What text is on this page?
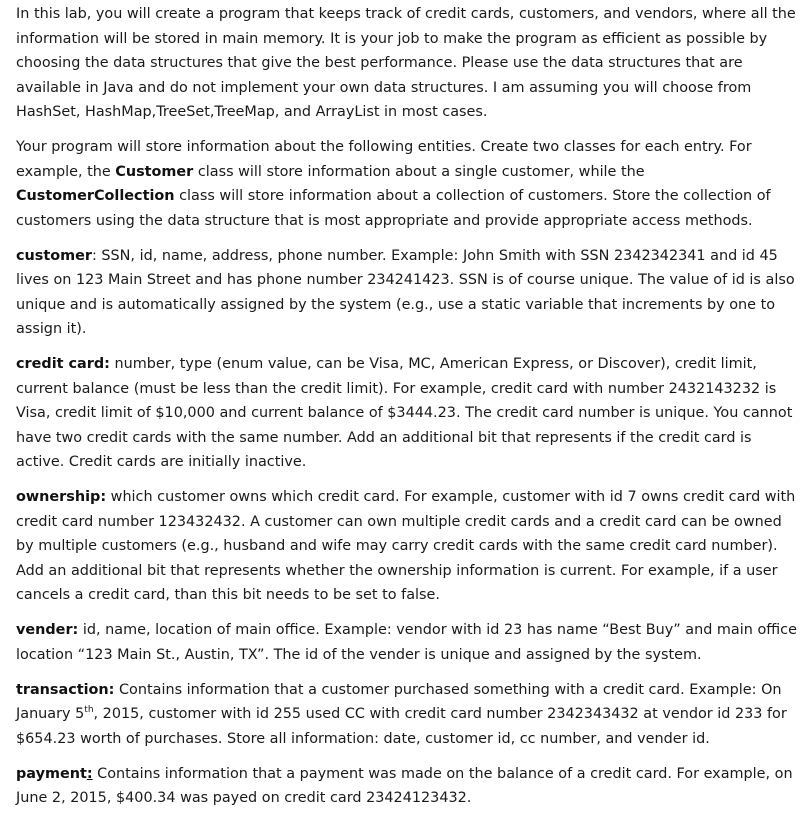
In this lab, you will create a program that keeps track of credit cards, customers, and vendors, where all the information will be stored in main memory. It is your job to make the program as efficient as possible by choosing the data structures that give the best performance. Please use the data structures that are available in Java and do not implement your own data structures. I am assuming you will choose from HashSet, HashMap,TreeSet,TreeMap, and ArrayList in most cases.

Your program will store information about the following entities. Create two classes for each entry. For example, the Customer class will store information about a single customer, while the CustomerCollection class will store information about a collection of customers. Store the collection of customers using the data structure that is most appropriate and provide appropriate access methods.

customer: SSN, id, name, address, phone number. Example: John Smith with SSN 2342342341 and id 45 lives on 123 Main Street and has phone number 234241423. SSN is of course unique. The value of id is also unique and is automatically assigned by the system (e.g., use a static variable that increments by one to assign it).

credit card: number, type (enum value, can be Visa, MC, American Express, or Discover), credit limit, current balance (must be less than the credit limit). For example, credit card with number 2432143232 is Visa, credit limit of $10,000 and current balance of $3444.23. The credit card number is unique. You cannot have two credit cards with the same number. Add an additional bit that represents if the credit card is active. Credit cards are initially inactive.

ownership: which customer owns which credit card. For example, customer with id 7 owns credit card with credit card number 123432432. A customer can own multiple credit cards and a credit card can be owned by multiple customers (e.g., husband and wife may carry credit cards with the same credit card number). Add an additional bit that represents whether the ownership information is current. For example, if a user cancels a credit card, than this bit needs to be set to false.

vender: id, name, location of main office. Example: vendor with id 23 has name “Best Buy” and main office location “123 Main St., Austin, TX”. The id of the vender is unique and assigned by the system.

transaction: Contains information that a customer purchased something with a credit card. Example: On January 5th, 2015, customer with id 255 used CC with credit card number 2342343432 at vendor id 233 for $654.23 worth of purchases. Store all information: date, customer id, cc number, and vender id.

payment: Contains information that a payment was made on the balance of a credit card. For example, on June 2, 2015, $400.34 was payed on credit card 23424123432.
